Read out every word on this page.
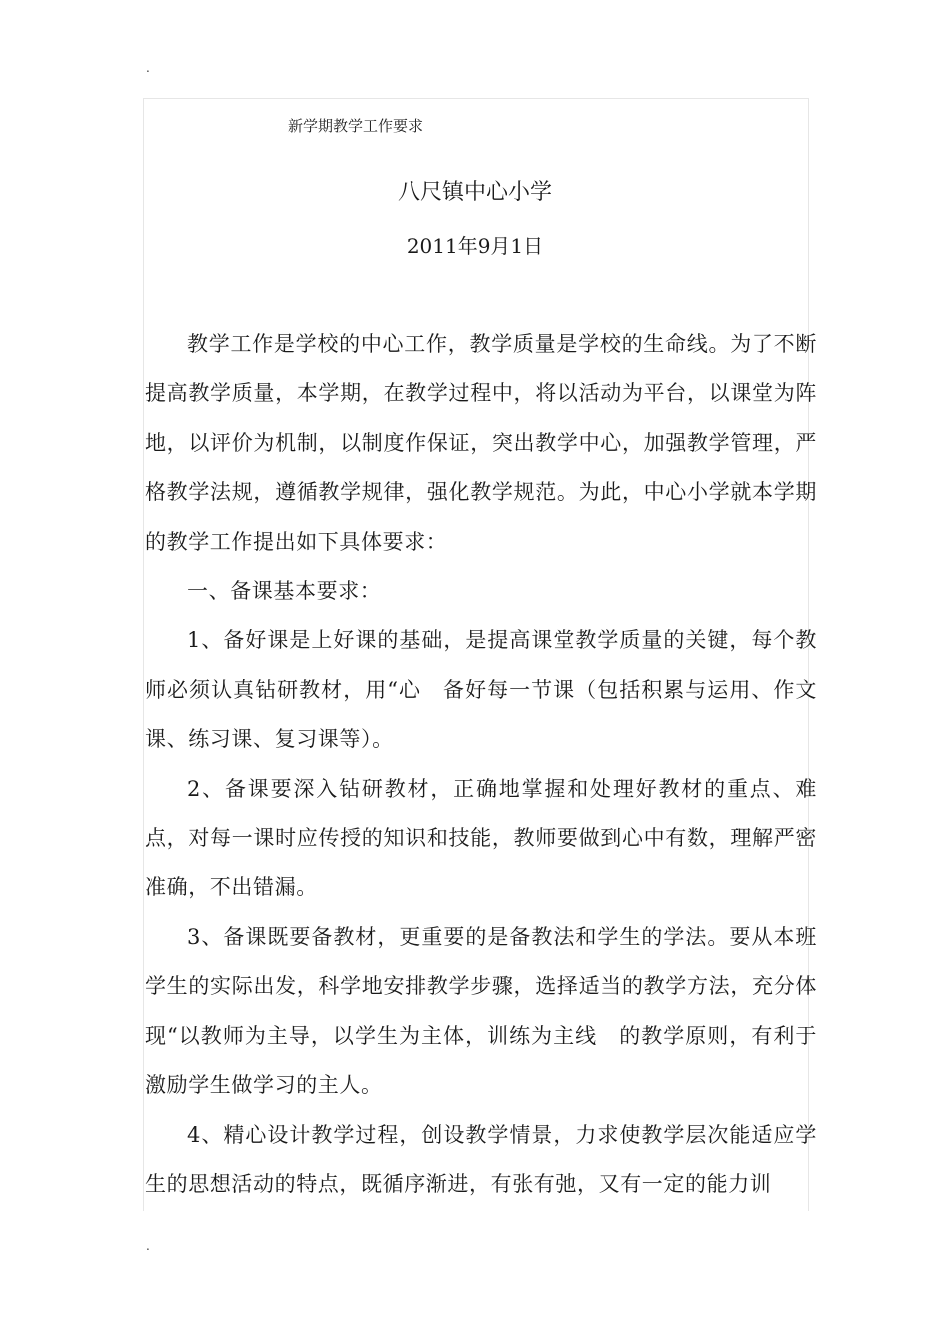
.
新学期教学工作要求
八尺镇中心小学
2011年9月1日

教学工作是学校的中心工作，教学质量是学校的生命线。为了不断提高教学质量，本学期，在教学过程中，将以活动为平台，以课堂为阵地，以评价为机制，以制度作保证，突出教学中心，加强教学管理，严格教学法规，遵循教学规律，强化教学规范。为此，中心小学就本学期的教学工作提出如下具体要求：

一、备课基本要求：

1、备好课是上好课的基础，是提高课堂教学质量的关键，每个教师必须认真钻研教材，用“心　备好每一节课（包括积累与运用、作文课、练习课、复习课等）。

2、备课要深入钻研教材，正确地掌握和处理好教材的重点、难点，对每一课时应传授的知识和技能，教师要做到心中有数，理解严密准确，不出错漏。

3、备课既要备教材，更重要的是备教法和学生的学法。要从本班学生的实际出发，科学地安排教学步骤，选择适当的教学方法，充分体现“以教师为主导，以学生为主体，训练为主线　的教学原则，有利于激励学生做学习的主人。

4、精心设计教学过程，创设教学情景，力求使教学层次能适应学生的思想活动的特点，既循序渐进，有张有弛，又有一定的能力训

.
